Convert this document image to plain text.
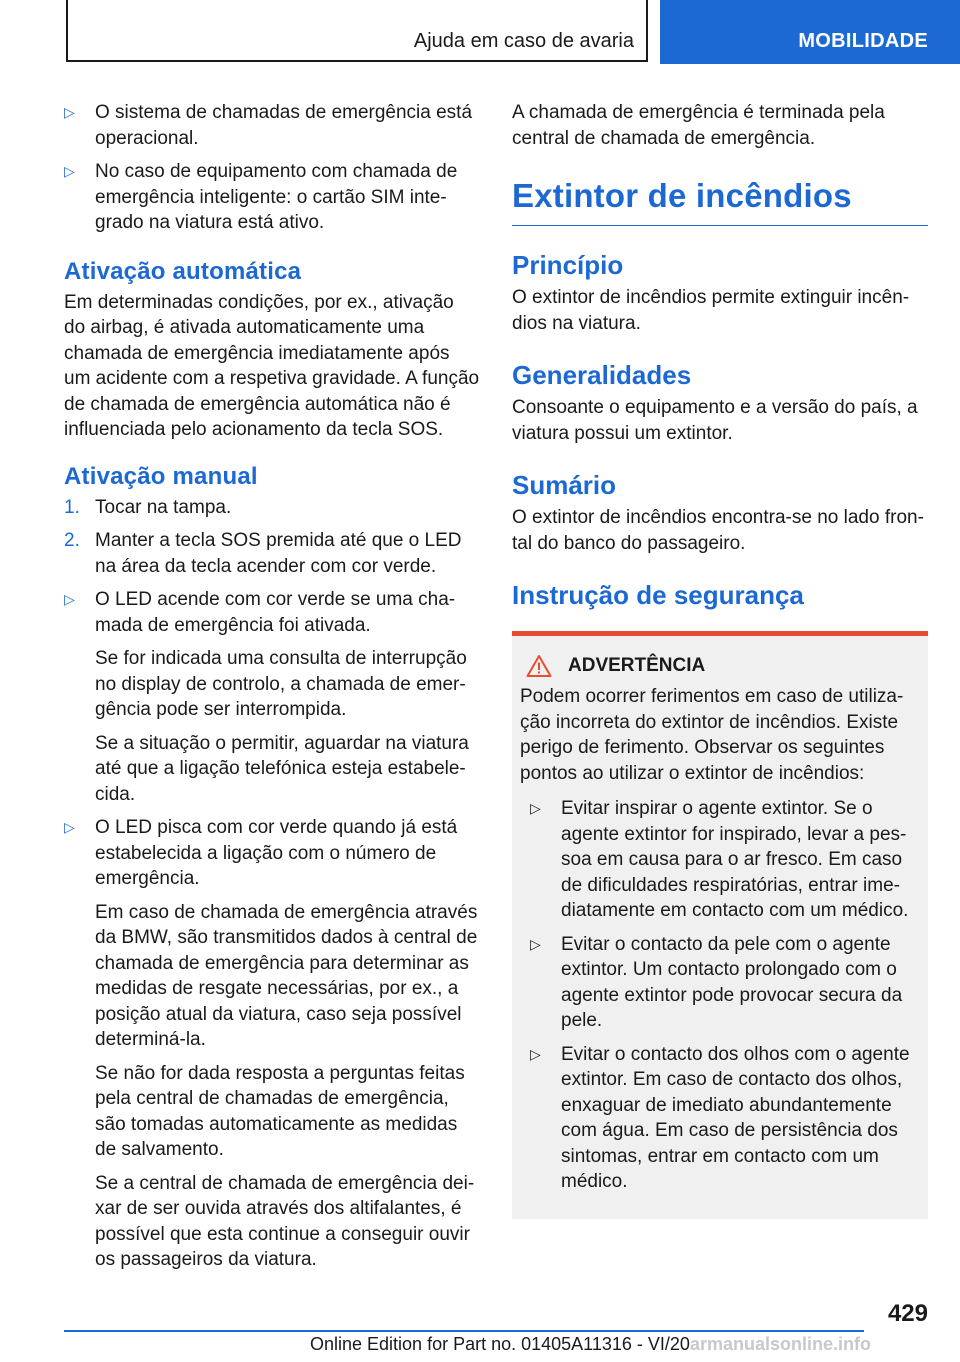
Ajuda em caso de avaria	MOBILIDADE
▷ O sistema de chamadas de emergência está operacional.
▷ No caso de equipamento com chamada de emergência inteligente: o cartão SIM inte-grado na viatura está ativo.
Ativação automática
Em determinadas condições, por ex., ativação do airbag, é ativada automaticamente uma chamada de emergência imediatamente após um acidente com a respetiva gravidade. A função de chamada de emergência automática não é influenciada pelo acionamento da tecla SOS.
Ativação manual
1. Tocar na tampa.
2. Manter a tecla SOS premida até que o LED na área da tecla acender com cor verde.
▷ O LED acende com cor verde se uma cha-mada de emergência foi ativada.
Se for indicada uma consulta de interrupção no display de controlo, a chamada de emer-gência pode ser interrompida.
Se a situação o permitir, aguardar na viatura até que a ligação telefónica esteja estabele-cida.
▷ O LED pisca com cor verde quando já está estabelecida a ligação com o número de emergência.
Em caso de chamada de emergência através da BMW, são transmitidos dados à central de chamada de emergência para determinar as medidas de resgate necessárias, por ex., a posição atual da viatura, caso seja possível determiná-la.
Se não for dada resposta a perguntas feitas pela central de chamadas de emergência, são tomadas automaticamente as medidas de salvamento.
Se a central de chamada de emergência dei-xar de ser ouvida através dos altifalantes, é possível que esta continue a conseguir ouvir os passageiros da viatura.
A chamada de emergência é terminada pela central de chamada de emergência.
Extintor de incêndios
Princípio
O extintor de incêndios permite extinguir incên-dios na viatura.
Generalidades
Consoante o equipamento e a versão do país, a viatura possui um extintor.
Sumário
O extintor de incêndios encontra-se no lado fron-tal do banco do passageiro.
Instrução de segurança
ADVERTÊNCIA
Podem ocorrer ferimentos em caso de utiliza-ção incorreta do extintor de incêndios. Existe perigo de ferimento. Observar os seguintes pontos ao utilizar o extintor de incêndios:
▷ Evitar inspirar o agente extintor. Se o agente extintor for inspirado, levar a pes-soa em causa para o ar fresco. Em caso de dificuldades respiratórias, entrar ime-diatamente em contacto com um médico.
▷ Evitar o contacto da pele com o agente extintor. Um contacto prolongado com o agente extintor pode provocar secura da pele.
▷ Evitar o contacto dos olhos com o agente extintor. Em caso de contacto dos olhos, enxaguar de imediato abundantemente com água. Em caso de persistência dos sintomas, entrar em contacto com um médico.
429
Online Edition for Part no. 01405A11316 - VI/20 armanualsonline.info
